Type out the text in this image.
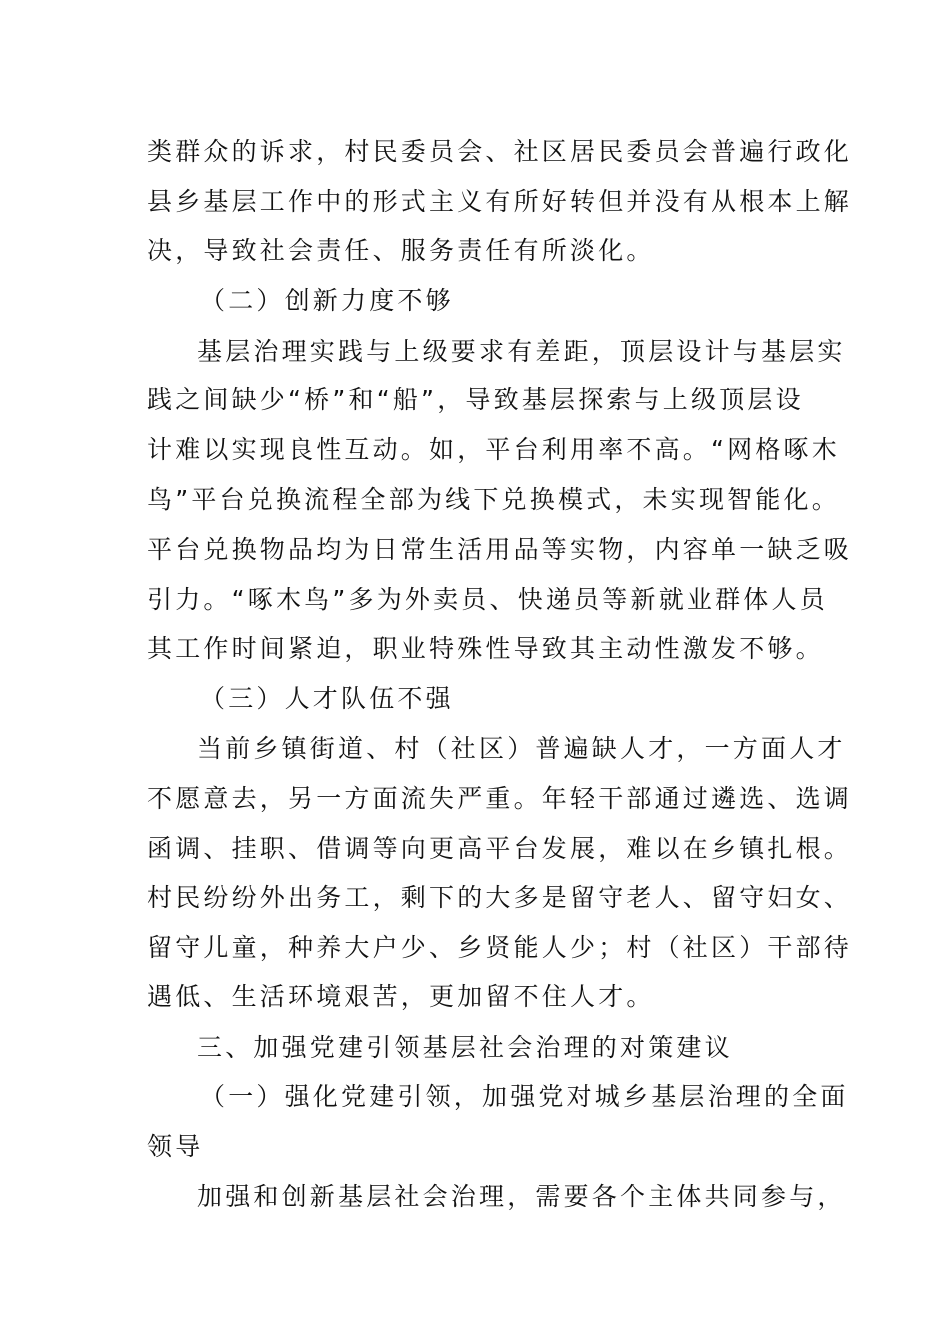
类群众的诉求，村民委员会、社区居民委员会普遍行政化
县乡基层工作中的形式主义有所好转但并没有从根本上解
决，导致社会责任、服务责任有所淡化。
（二）创新力度不够
基层治理实践与上级要求有差距，顶层设计与基层实
践之间缺少“桥”和“船”，导致基层探索与上级顶层设
计难以实现良性互动。如，平台利用率不高。“网格啄木
鸟”平台兑换流程全部为线下兑换模式，未实现智能化。
平台兑换物品均为日常生活用品等实物，内容单一缺乏吸
引力。“啄木鸟”多为外卖员、快递员等新就业群体人员
其工作时间紧迫，职业特殊性导致其主动性激发不够。
（三）人才队伍不强
当前乡镇街道、村（社区）普遍缺人才，一方面人才
不愿意去，另一方面流失严重。年轻干部通过遴选、选调
函调、挂职、借调等向更高平台发展，难以在乡镇扎根。
村民纷纷外出务工，剩下的大多是留守老人、留守妇女、
留守儿童，种养大户少、乡贤能人少；村（社区）干部待
遇低、生活环境艰苦，更加留不住人才。
三、加强党建引领基层社会治理的对策建议
（一）强化党建引领，加强党对城乡基层治理的全面
领导
加强和创新基层社会治理，需要各个主体共同参与，
